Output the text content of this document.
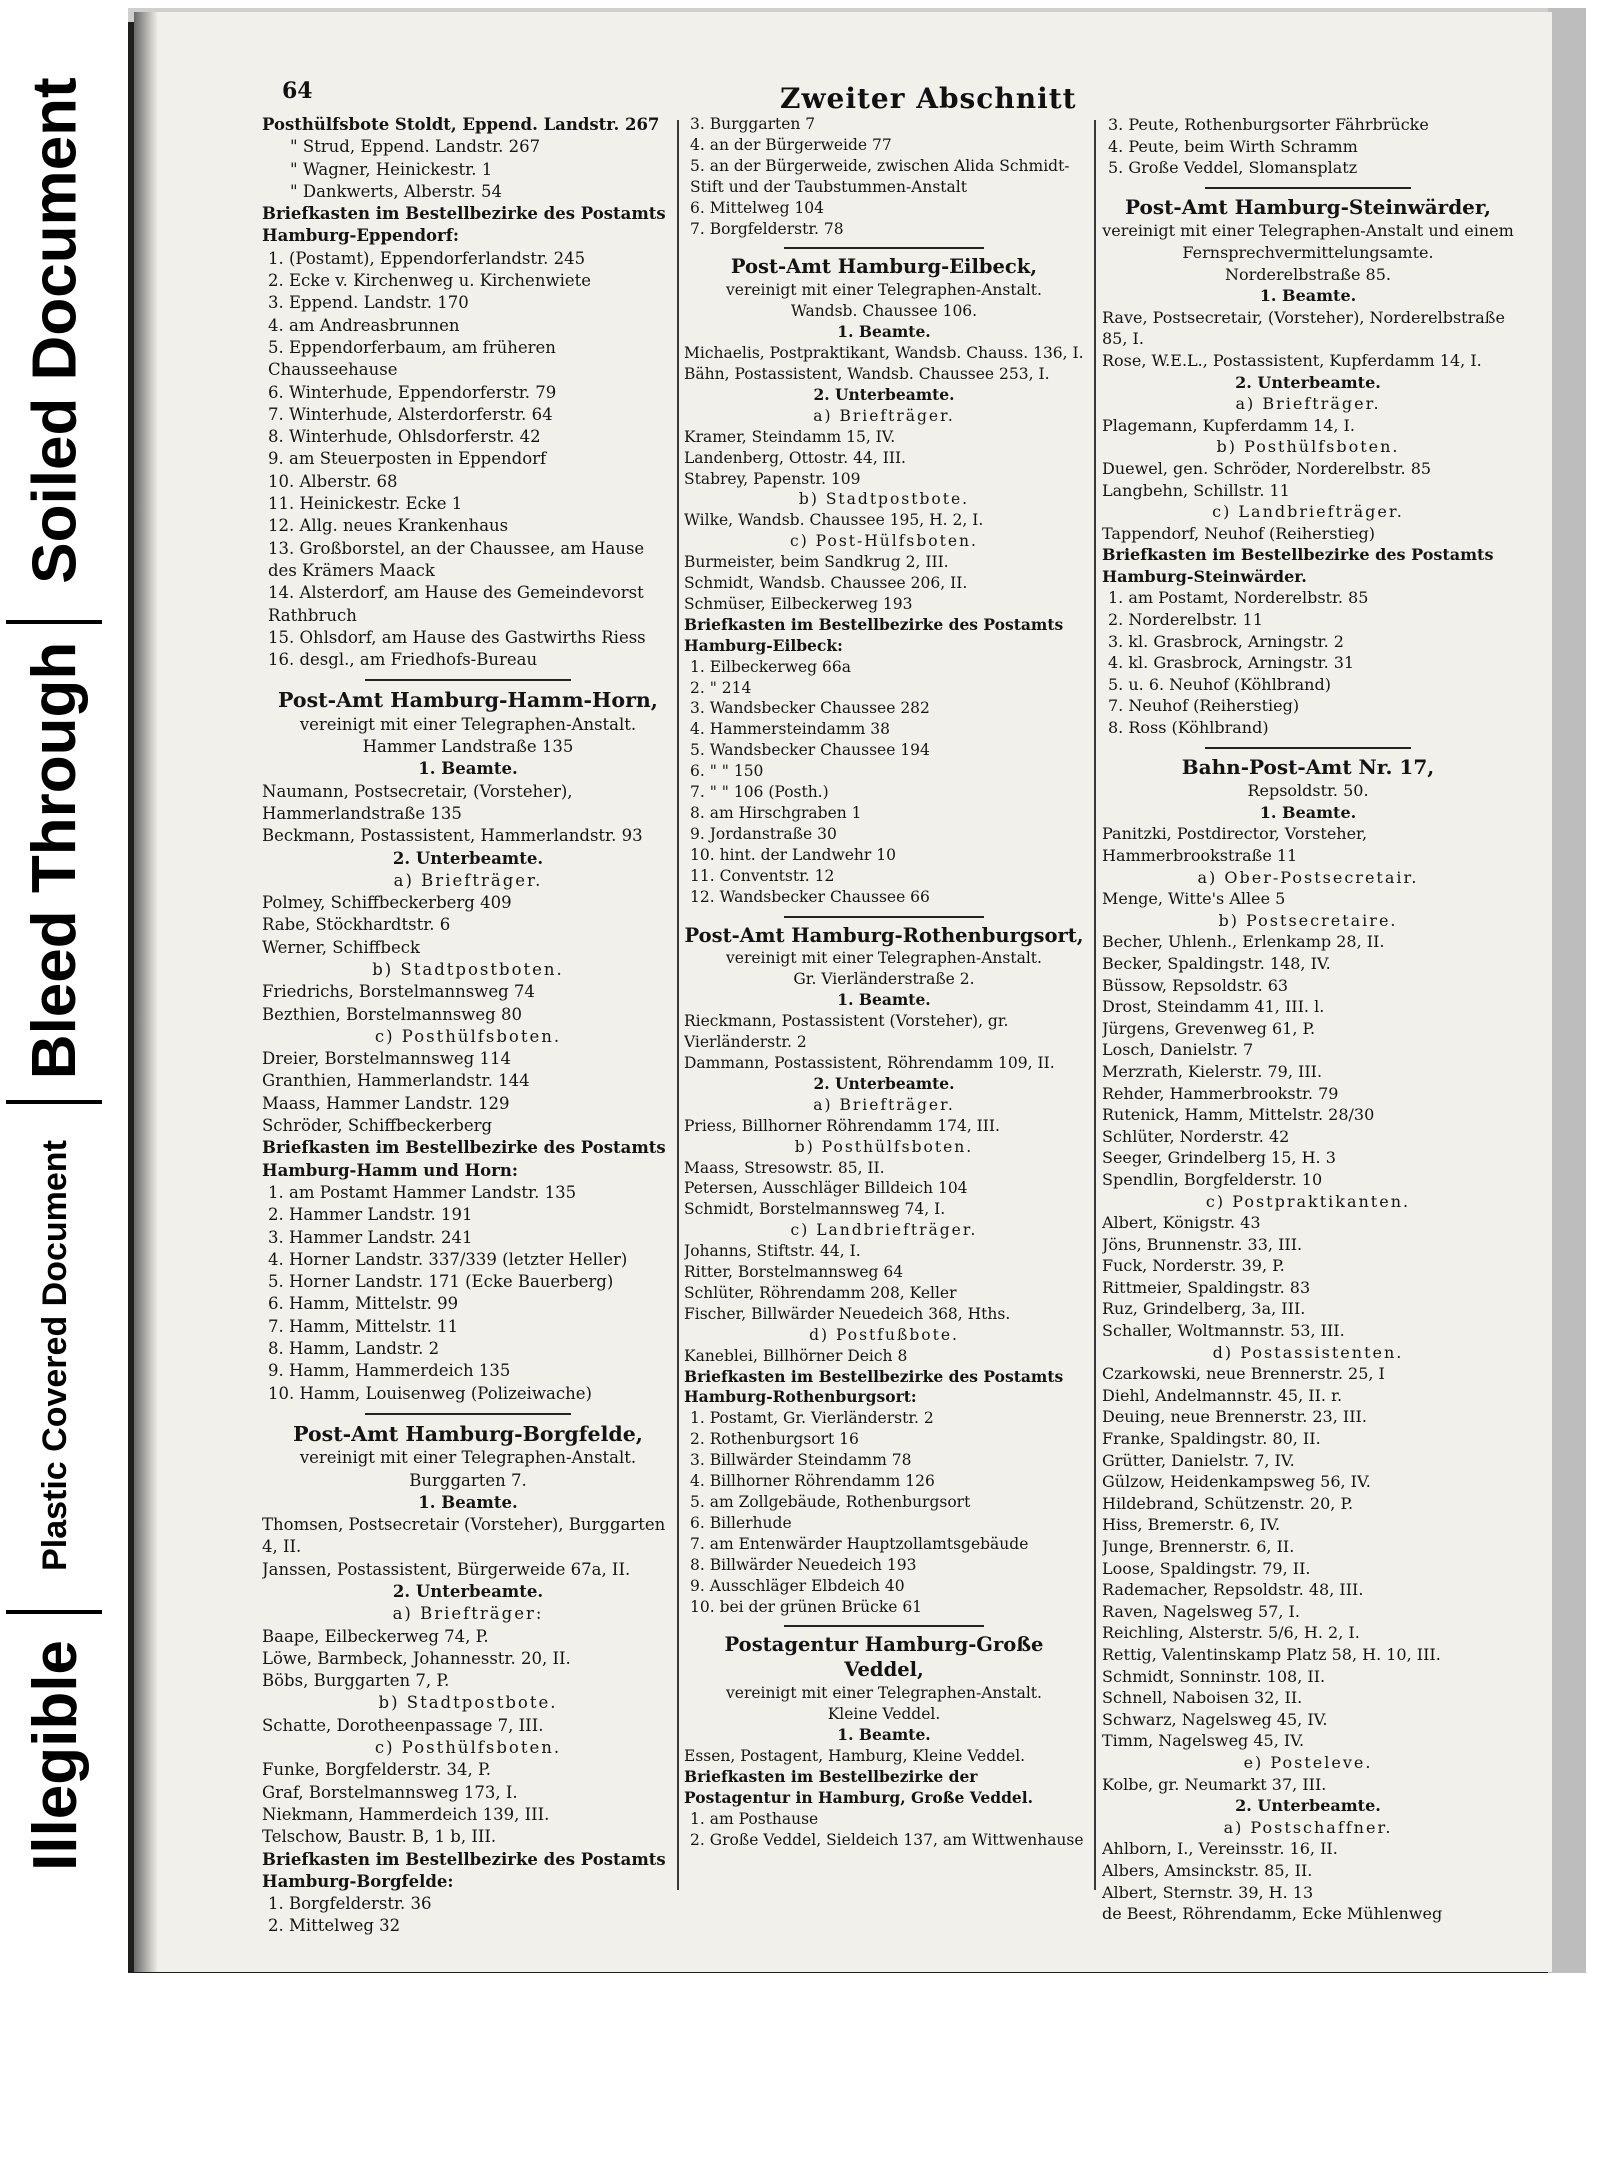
Soiled Document
Bleed Through
Plastic Covered Document
Illegible
64	Zweiter Abschnitt
Posthülfsbote Stoldt, Eppend. Landstr. 267
" Strud, Eppend. Landstr. 267
" Wagner, Heinickestr. 1
" Dankwerts, Alberstr. 54
Briefkasten im Bestellbezirke des Postamts Hamburg-Eppendorf:
1. (Postamt), Eppendorferlandstr. 245
2. Ecke v. Kirchenweg u. Kirchenwiete
3. Eppend. Landstr. 170
4. am Andreasbrunnen
5. Eppendorferbaum, am früheren Chausseehause
6. Winterhude, Eppendorferstr. 79
7. Winterhude, Alsterdorferstr. 64
8. Winterhude, Ohlsdorferstr. 42
9. am Steuerposten in Eppendorf
10. Alberstr. 68
11. Heinickestr. Ecke 1
12. Allg. neues Krankenhaus
13. Großborstel, an der Chaussee, am Hause des Krämers Maack
14. Alsterdorf, am Hause des Gemeindevorst Rathbruch
15. Ohlsdorf, am Hause des Gastwirths Riess
16. desgl., am Friedhofs-Bureau
Post-Amt Hamburg-Hamm-Horn,
vereinigt mit einer Telegraphen-Anstalt.
Hammer Landstraße 135
1. Beamte.
Naumann, Postsecretair, (Vorsteher), Hammerlandstraße 135
Beckmann, Postassistent, Hammerlandstr. 93
2. Unterbeamte.
a) Briefträger.
Polmey, Schiffbeckerberg 409
Rabe, Stöckhardtstr. 6
Werner, Schiffbeck
b) Stadtpostboten.
Friedrichs, Borstelmannsweg 74
Bezthien, Borstelmannsweg 80
c) Posthülfsboten.
Dreier, Borstelmannsweg 114
Granthien, Hammerlandstr. 144
Maass, Hammer Landstr. 129
Schröder, Schiffbeckerberg
Briefkasten im Bestellbezirke des Postamts Hamburg-Hamm und Horn:
1. am Postamt Hammer Landstr. 135
2. Hammer Landstr. 191
3. Hammer Landstr. 241
4. Horner Landstr. 337/339 (letzter Heller)
5. Horner Landstr. 171 (Ecke Bauerberg)
6. Hamm, Mittelstr. 99
7. Hamm, Mittelstr. 11
8. Hamm, Landstr. 2
9. Hamm, Hammerdeich 135
10. Hamm, Louisenweg (Polizeiwache)
Post-Amt Hamburg-Borgfelde,
vereinigt mit einer Telegraphen-Anstalt.
Burggarten 7.
1. Beamte.
Thomsen, Postsecretair (Vorsteher), Burggarten 4, II.
Janssen, Postassistent, Bürgerweide 67a, II.
2. Unterbeamte.
a) Briefträger:
Baape, Eilbeckerweg 74, P.
Löwe, Barmbeck, Johannesstr. 20, II.
Böbs, Burggarten 7, P.
b) Stadtpostbote.
Schatte, Dorotheenpassage 7, III.
c) Posthülfsboten.
Funke, Borgfelderstr. 34, P.
Graf, Borstelmannsweg 173, I.
Niekmann, Hammerdeich 139, III.
Telschow, Baustr. B, 1 b, III.
Briefkasten im Bestellbezirke des Postamts Hamburg-Borgfelde:
1. Borgfelderstr. 36
2. Mittelweg 32
3. Burggarten 7
4. an der Bürgerweide 77
5. an der Bürgerweide, zwischen Alida Schmidt-Stift und der Taubstummen-Anstalt
6. Mittelweg 104
7. Borgfelderstr. 78
Post-Amt Hamburg-Eilbeck,
vereinigt mit einer Telegraphen-Anstalt.
Wandsb. Chaussee 106.
1. Beamte.
Michaelis, Postpraktikant, Wandsb. Chauss. 136, I.
Bähn, Postassistent, Wandsb. Chaussee 253, I.
2. Unterbeamte.
a) Briefträger.
Kramer, Steindamm 15, IV.
Landenberg, Ottostr. 44, III.
Stabrey, Papenstr. 109
b) Stadtpostbote.
Wilke, Wandsb. Chaussee 195, H. 2, I.
c) Post-Hülfsboten.
Burmeister, beim Sandkrug 2, III.
Schmidt, Wandsb. Chaussee 206, II.
Schmüser, Eilbeckerweg 193
Briefkasten im Bestellbezirke des Postamts Hamburg-Eilbeck:
1. Eilbeckerweg 66a
2. " 214
3. Wandsbecker Chaussee 282
4. Hammersteindamm 38
5. Wandsbecker Chaussee 194
6. " " 150
7. " " 106 (Posth.)
8. am Hirschgraben 1
9. Jordanstraße 30
10. hint. der Landwehr 10
11. Conventstr. 12
12. Wandsbecker Chaussee 66
Post-Amt Hamburg-Rothenburgsort,
vereinigt mit einer Telegraphen-Anstalt.
Gr. Vierländerstraße 2.
1. Beamte.
Rieckmann, Postassistent (Vorsteher), gr. Vierländerstr. 2
Dammann, Postassistent, Röhrendamm 109, II.
2. Unterbeamte.
a) Briefträger.
Priess, Billhorner Röhrendamm 174, III.
b) Posthülfsboten.
Maass, Stresowstr. 85, II.
Petersen, Ausschläger Billdeich 104
Schmidt, Borstelmannsweg 74, I.
c) Landbriefträger.
Johanns, Stiftstr. 44, I.
Ritter, Borstelmannsweg 64
Schlüter, Röhrendamm 208, Keller
Fischer, Billwärder Neuedeich 368, Hths.
d) Postfußbote.
Kaneblei, Billhörner Deich 8
Briefkasten im Bestellbezirke des Postamts Hamburg-Rothenburgsort:
1. Postamt, Gr. Vierländerstr. 2
2. Rothenburgsort 16
3. Billwärder Steindamm 78
4. Billhorner Röhrendamm 126
5. am Zollgebäude, Rothenburgsort
6. Billerhude
7. am Entenwärder Hauptzollamtsgebäude
8. Billwärder Neuedeich 193
9. Ausschläger Elbdeich 40
10. bei der grünen Brücke 61
Postagentur Hamburg-Große Veddel,
vereinigt mit einer Telegraphen-Anstalt.
Kleine Veddel.
1. Beamte.
Essen, Postagent, Hamburg, Kleine Veddel.
Briefkasten im Bestellbezirke der Postagentur in Hamburg, Große Veddel.
1. am Posthause
2. Große Veddel, Sieldeich 137, am Wittwenhause
3. Peute, Rothenburgsorter Fährbrücke
4. Peute, beim Wirth Schramm
5. Große Veddel, Slomansplatz
Post-Amt Hamburg-Steinwärder,
vereinigt mit einer Telegraphen-Anstalt und einem Fernsprechvermittelungsamte.
Norderelbstraße 85.
1. Beamte.
Rave, Postsecretair, (Vorsteher), Norderelbstraße 85, I.
Rose, W.E.L., Postassistent, Kupferdamm 14, I.
2. Unterbeamte.
a) Briefträger.
Plagemann, Kupferdamm 14, I.
b) Posthülfsboten.
Duewel, gen. Schröder, Norderelbstr. 85
Langbehn, Schillstr. 11
c) Landbriefträger.
Tappendorf, Neuhof (Reiherstieg)
Briefkasten im Bestellbezirke des Postamts Hamburg-Steinwärder.
1. am Postamt, Norderelbstr. 85
2. Norderelbstr. 11
3. kl. Grasbrock, Arningstr. 2
4. kl. Grasbrock, Arningstr. 31
5. u. 6. Neuhof (Köhlbrand)
7. Neuhof (Reiherstieg)
8. Ross (Köhlbrand)
Bahn-Post-Amt Nr. 17,
Repsoldstr. 50.
1. Beamte.
Panitzki, Postdirector, Vorsteher, Hammerbrookstraße 11
a) Ober-Postsecretair.
Menge, Witte's Allee 5
b) Postsecretaire.
Becher, Uhlenh., Erlenkamp 28, II.
Becker, Spaldingstr. 148, IV.
Büssow, Repsoldstr. 63
Drost, Steindamm 41, III. l.
Jürgens, Grevenweg 61, P.
Losch, Danielstr. 7
Merzrath, Kielerstr. 79, III.
Rehder, Hammerbrookstr. 79
Rutenick, Hamm, Mittelstr. 28/30
Schlüter, Norderstr. 42
Seeger, Grindelberg 15, H. 3
Spendlin, Borgfelderstr. 10
c) Postpraktikanten.
Albert, Königstr. 43
Jöns, Brunnenstr. 33, III.
Fuck, Norderstr. 39, P.
Rittmeier, Spaldingstr. 83
Ruz, Grindelberg, 3a, III.
Schaller, Woltmannstr. 53, III.
d) Postassistenten.
Czarkowski, neue Brennerstr. 25, I
Diehl, Andelmannstr. 45, II. r.
Deuing, neue Brennerstr. 23, III.
Franke, Spaldingstr. 80, II.
Grütter, Danielstr. 7, IV.
Gülzow, Heidenkampsweg 56, IV.
Hildebrand, Schützenstr. 20, P.
Hiss, Bremerstr. 6, IV.
Junge, Brennerstr. 6, II.
Loose, Spaldingstr. 79, II.
Rademacher, Repsoldstr. 48, III.
Raven, Nagelsweg 57, I.
Reichling, Alsterstr. 5/6, H. 2, I.
Rettig, Valentinskamp Platz 58, H. 10, III.
Schmidt, Sonninstr. 108, II.
Schnell, Naboisen 32, II.
Schwarz, Nagelsweg 45, IV.
Timm, Nagelsweg 45, IV.
e) Posteleve.
Kolbe, gr. Neumarkt 37, III.
2. Unterbeamte.
a) Postschaffner.
Ahlborn, I., Vereinsstr. 16, II.
Albers, Amsinckstr. 85, II.
Albert, Sternstr. 39, H. 13
de Beest, Röhrendamm, Ecke Mühlenweg
